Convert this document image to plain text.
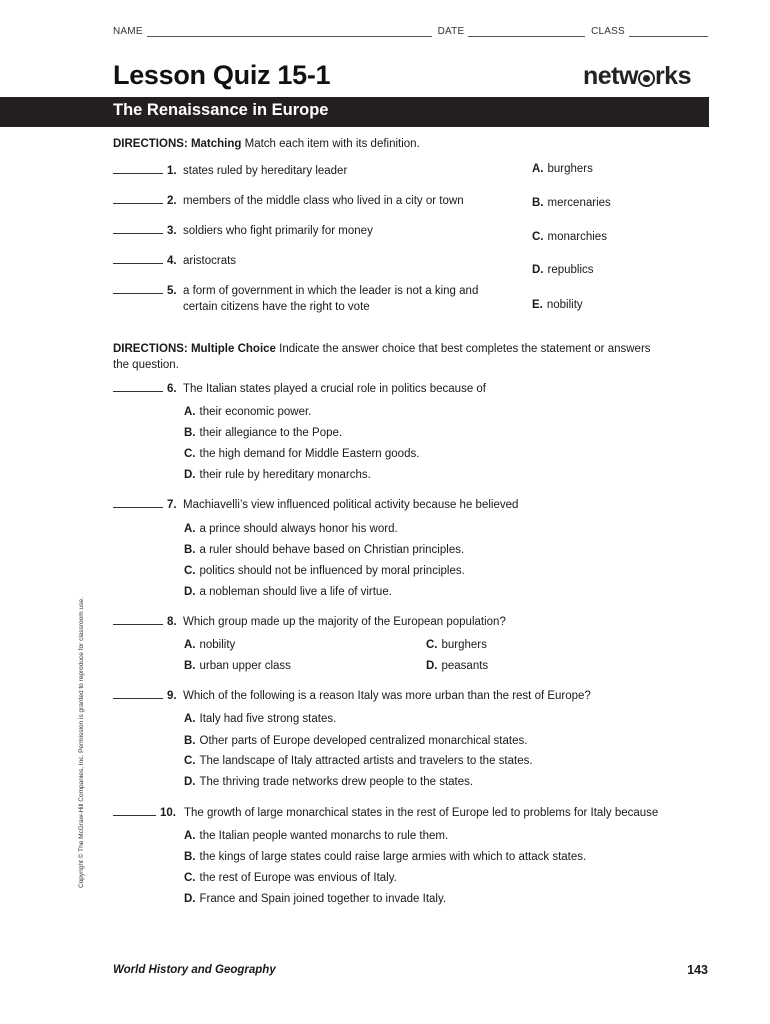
NAME	DATE	CLASS
Lesson Quiz 15-1	netw rks
The Renaissance in Europe
DIRECTIONS: Matching Match each item with its definition.
1. states ruled by hereditary leader
2. members of the middle class who lived in a city or town
3. soldiers who fight primarily for money
4. aristocrats
5. a form of government in which the leader is not a king and
certain citizens have the right to vote
A. burghers
B. mercenaries
C. monarchies
D. republics
E. nobility
DIRECTIONS: Multiple Choice Indicate the answer choice that best completes the statement or answers
the question.
6. The Italian states played a crucial role in politics because of
A. their economic power.
B. their allegiance to the Pope.
C. the high demand for Middle Eastern goods.
D. their rule by hereditary monarchs.
7. Machiavelli’s view influenced political activity because he believed
A. a prince should always honor his word.
B. a ruler should behave based on Christian principles.
C. politics should not be influenced by moral principles.
D. a nobleman should live a life of virtue.
8. Which group made up the majority of the European population?
A. nobility
B. urban upper class
C. burghers
D. peasants
9. Which of the following is a reason Italy was more urban than the rest of Europe?
A. Italy had five strong states.
B. Other parts of Europe developed centralized monarchical states.
C. The landscape of Italy attracted artists and travelers to the states.
D. The thriving trade networks drew people to the states.
10. The growth of large monarchical states in the rest of Europe led to problems for Italy because
A. the Italian people wanted monarchs to rule them.
B. the kings of large states could raise large armies with which to attack states.
C. the rest of Europe was envious of Italy.
D. France and Spain joined together to invade Italy.
Copyright © The McGraw-Hill Companies, Inc. Permission is granted to reproduce for classroom use.
World History and Geography	143
